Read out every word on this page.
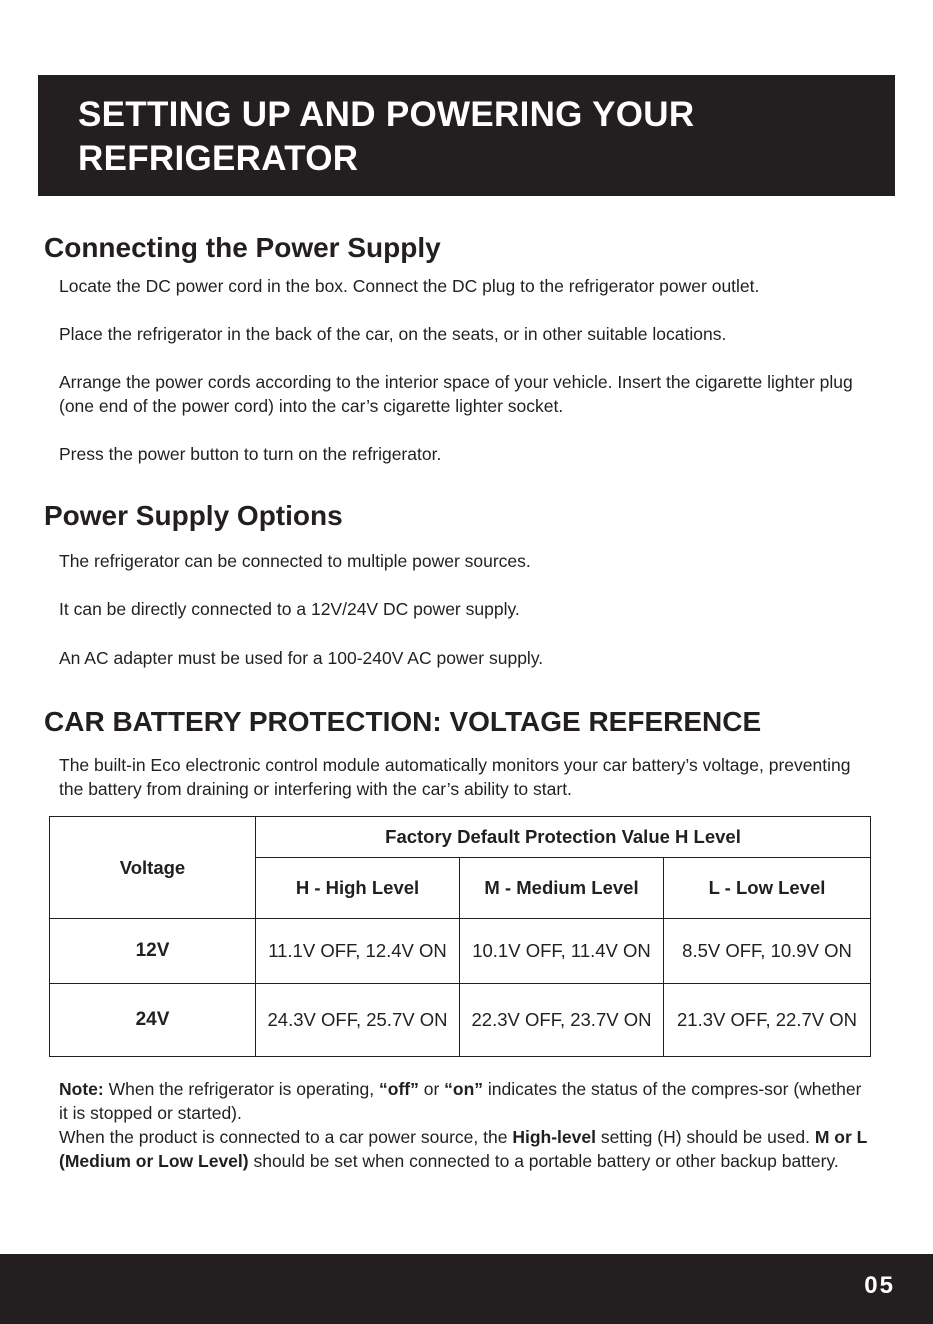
SETTING UP AND POWERING YOUR
REFRIGERATOR
Connecting the Power Supply

Locate the DC power cord in the box. Connect the DC plug to the refrigerator power outlet.

Place the refrigerator in the back of the car, on the seats, or in other suitable locations.

Arrange the power cords according to the interior space of your vehicle. Insert the cigarette lighter plug (one end of the power cord) into the car’s cigarette lighter socket.

Press the power button to turn on the refrigerator.

Power Supply Options

The refrigerator can be connected to multiple power sources.

It can be directly connected to a 12V/24V DC power supply.

An AC adapter must be used for a 100-240V AC power supply.

CAR BATTERY PROTECTION: VOLTAGE REFERENCE

The built-in Eco electronic control module automatically monitors your car battery’s voltage, preventing the battery from draining or interfering with the car’s ability to start.

Voltage	Factory Default Protection Value H Level		
	H - High Level	M - Medium Level	L - Low Level
12V	11.1V OFF, 12.4V ON	10.1V OFF, 11.4V ON	8.5V OFF, 10.9V ON
24V	24.3V OFF, 25.7V ON	22.3V OFF, 23.7V ON	21.3V OFF, 22.7V ON

Note: When the refrigerator is operating, “off” or “on” indicates the status of the compres-sor (whether it is stopped or started).
When the product is connected to a car power source, the High-level setting (H) should be used. M or L (Medium or Low Level) should be set when connected to a portable battery or other backup battery.

05
